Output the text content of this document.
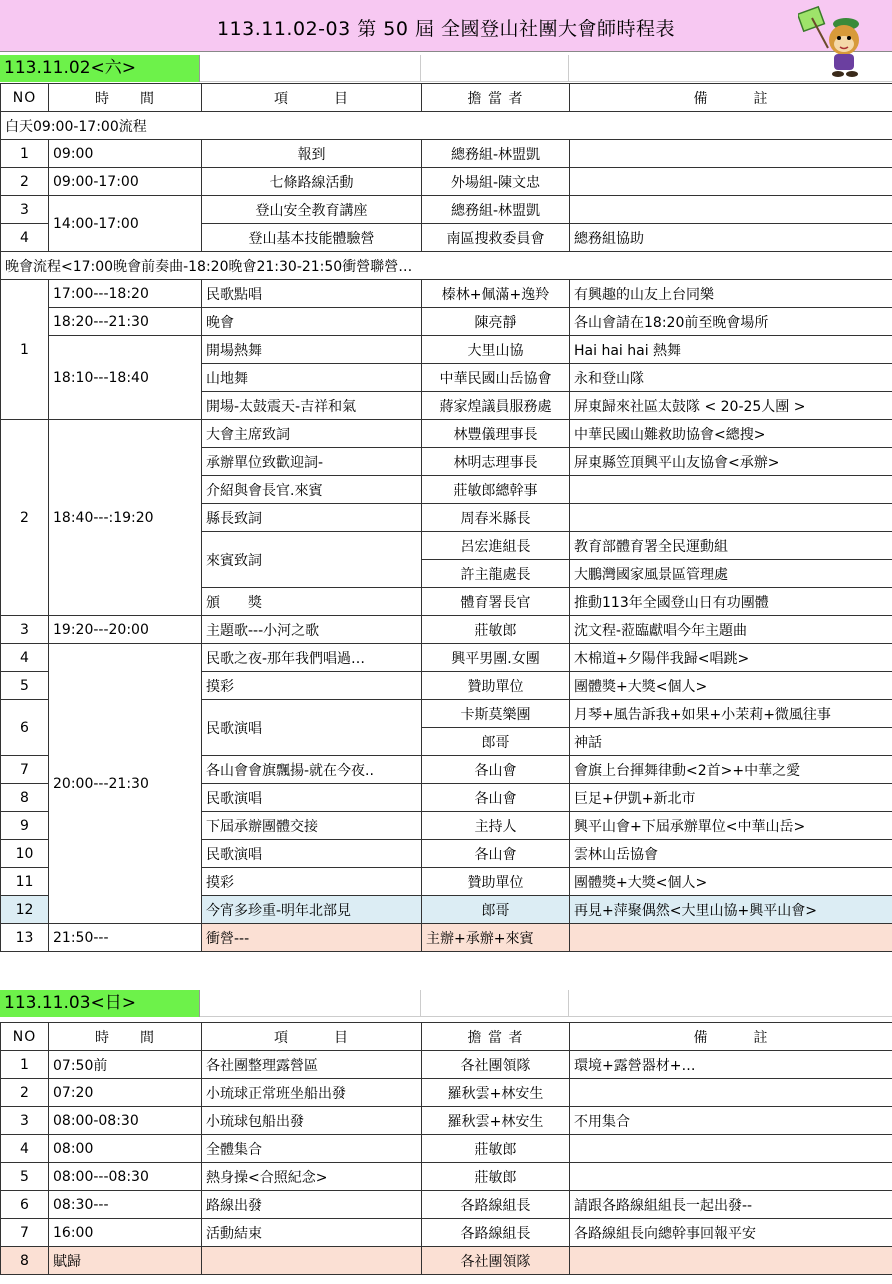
113.11.02-03 第 50 屆 全國登山社團大會師時程表
113.11.02<六>
NO	時　　間	項　　　目	擔 當 者	備　　　註
白天09:00-17:00流程				
1	09:00	報到	總務組-林盟凱	
2	09:00-17:00	七條路線活動	外場組-陳文忠	
3	14:00-17:00	登山安全教育講座	總務組-林盟凱	
4		登山基本技能體驗營	南區搜救委員會	總務組協助
晚會流程<17:00晚會前奏曲-18:20晚會21:30-21:50衝營聯營…				
1	17:00---18:20	民歌點唱	榛林+佩滿+逸羚	有興趣的山友上台同樂
	18:20---21:30	晚會	陳亮靜	各山會請在18:20前至晚會場所
	18:10---18:40	開場熱舞	大里山協	Hai hai hai 熱舞
		山地舞	中華民國山岳協會	永和登山隊
		開場-太鼓震天-吉祥和氣	蔣家煌議員服務處	屏東歸來社區太鼓隊 < 20-25人團 >
2	18:40---:19:20	大會主席致詞	林豐儀理事長	中華民國山難救助協會<總搜>
		承辦單位致歡迎詞-	林明志理事長	屏東縣笠頂興平山友協會<承辦>
		介紹與會長官.來賓	莊敏郎總幹事	
		縣長致詞	周春米縣長	
		來賓致詞	呂宏進組長	教育部體育署全民運動組
			許主龍處長	大鵬灣國家風景區管理處
		頒　　獎	體育署長官	推動113年全國登山日有功團體
3	19:20---20:00	主題歌---小河之歌	莊敏郎	沈文程-蒞臨獻唱今年主題曲
4	20:00---21:30	民歌之夜-那年我們唱過…	興平男團.女團	木棉道+夕陽伴我歸<唱跳>
5		摸彩	贊助單位	團體獎+大獎<個人>
6		民歌演唱	卡斯莫樂團	月琴+風告訴我+如果+小茉莉+微風往事
			郎哥	神話
7		各山會會旗飄揚-就在今夜..	各山會	會旗上台揮舞律動<2首>+中華之愛
8		民歌演唱	各山會	巨足+伊凱+新北市
9		下屆承辦團體交接	主持人	興平山會+下屆承辦單位<中華山岳>
10		民歌演唱	各山會	雲林山岳協會
11		摸彩	贊助單位	團體獎+大獎<個人>
12		今宵多珍重-明年北部見	郎哥	再見+萍聚偶然<大里山協+興平山會>
13	21:50---	衝營---	主辦+承辦+來賓	
113.11.03<日>
NO	時　　間	項　　　目	擔 當 者	備　　　註
1	07:50前	各社團整理露營區	各社團領隊	環境+露營器材+…
2	07:20	小琉球正常班坐船出發	羅秋雲+林安生	
3	08:00-08:30	小琉球包船出發	羅秋雲+林安生	不用集合
4	08:00	全體集合	莊敏郎	
5	08:00---08:30	熱身操<合照紀念>	莊敏郎	
6	08:30---	路線出發	各路線組長	請跟各路線組組長一起出發--
7	16:00	活動結束	各路線組長	各路線組長向總幹事回報平安
8	賦歸		各社團領隊	
